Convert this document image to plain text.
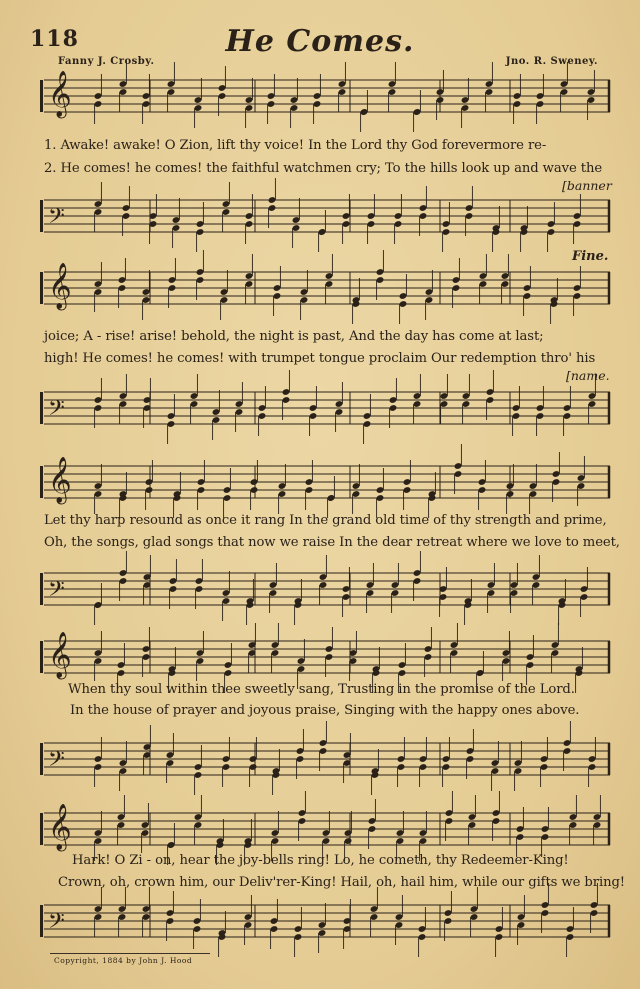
118	He Comes.
Fanny J. Crosby.	Jno. R. Sweney.
𝄞
1. Awake! awake! O Zion, lift thy voice! In the Lord thy God forevermore re-
2. He comes! he comes! the faithful watchmen cry; To the hills look up and wave the
[banner
𝄢
Fine.
𝄞
joice; A - rise! arise! behold, the night is past, And the day has come at last;
high! He comes! he comes! with trumpet tongue proclaim Our redemption thro' his
[name.
𝄢
𝄞
Let thy harp resound as once it rang In the grand old time of thy strength and prime,
Oh, the songs, glad songs that now we raise In the dear retreat where we love to meet,
𝄢
𝄞
When thy soul within thee sweetly sang, Trusting in the promise of the Lord.
In the house of prayer and joyous praise, Singing with the happy ones above.
𝄢
𝄞
Hark! O Zi - on, hear the joy-bells ring! Lo, he cometh, thy Redeemer-King!
Crown, oh, crown him, our Deliv'rer-King! Hail, oh, hail him, while our gifts we bring!
𝄢
Copyright, 1884 by John J. Hood
